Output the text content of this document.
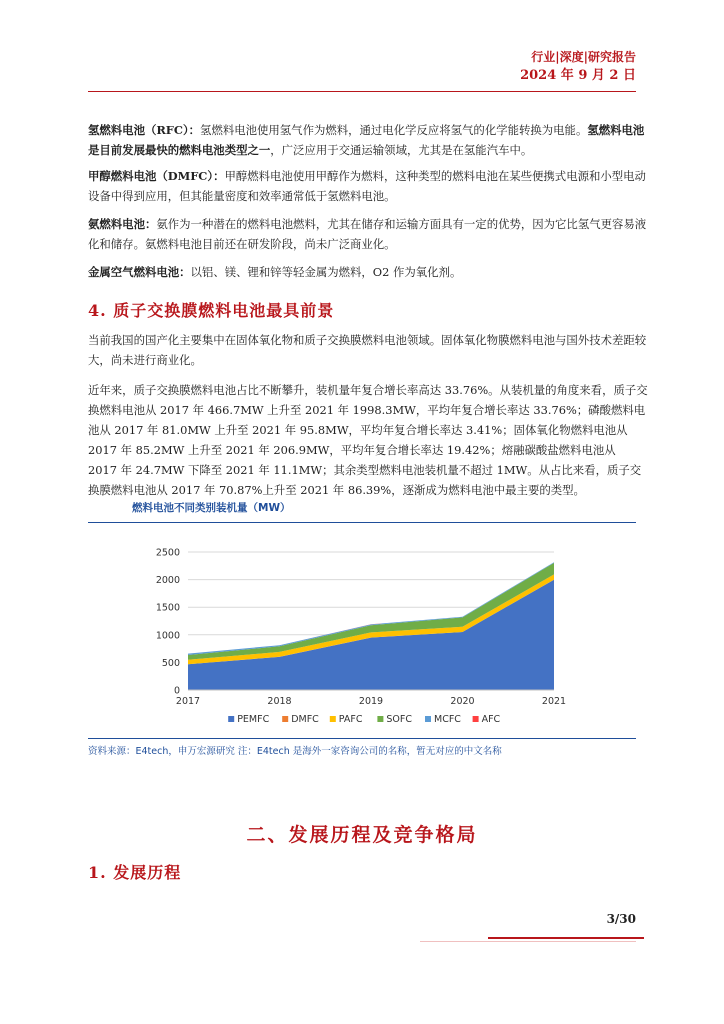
行业|深度|研究报告
2024 年 9 月 2 日

氢燃料电池（RFC）：氢燃料电池使用氢气作为燃料，通过电化学反应将氢气的化学能转换为电能。氢燃料电池是目前发展最快的燃料电池类型之一，广泛应用于交通运输领域，尤其是在氢能汽车中。

甲醇燃料电池（DMFC）：甲醇燃料电池使用甲醇作为燃料，这种类型的燃料电池在某些便携式电源和小型电动设备中得到应用，但其能量密度和效率通常低于氢燃料电池。

氨燃料电池：氨作为一种潜在的燃料电池燃料，尤其在储存和运输方面具有一定的优势，因为它比氢气更容易液化和储存。氨燃料电池目前还在研发阶段，尚未广泛商业化。

金属空气燃料电池：以铝、镁、锂和锌等轻金属为燃料，O2 作为氧化剂。

4. 质子交换膜燃料电池最具前景

当前我国的国产化主要集中在固体氧化物和质子交换膜燃料电池领域。固体氧化物膜燃料电池与国外技术差距较大，尚未进行商业化。

近年来，质子交换膜燃料电池占比不断攀升，装机量年复合增长率高达 33.76%。从装机量的角度来看，质子交换燃料电池从 2017 年 466.7MW 上升至 2021 年 1998.3MW，平均年复合增长率达 33.76%；磷酸燃料电池从 2017 年 81.0MW 上升至 2021 年 95.8MW，平均年复合增长率达 3.41%；固体氧化物燃料电池从 2017 年 85.2MW 上升至 2021 年 206.9MW，平均年复合增长率达 19.42%；熔融碳酸盐燃料电池从 2017 年 24.7MW 下降至 2021 年 11.1MW；其余类型燃料电池装机量不超过 1MW。从占比来看，质子交换膜燃料电池从 2017 年 70.87%上升至 2021 年 86.39%，逐渐成为燃料电池中最主要的类型。

燃料电池不同类别装机量（MW）
0
500
1000
1500
2000
2500
2017	2018	2019	2020	2021
PEMFC DMFC PAFC	SOFC MCFC AFC
资料来源：E4tech，申万宏源研究 注：E4tech 是海外一家咨询公司的名称，暂无对应的中文名称
二、发展历程及竞争格局
1. 发展历程
3/30
